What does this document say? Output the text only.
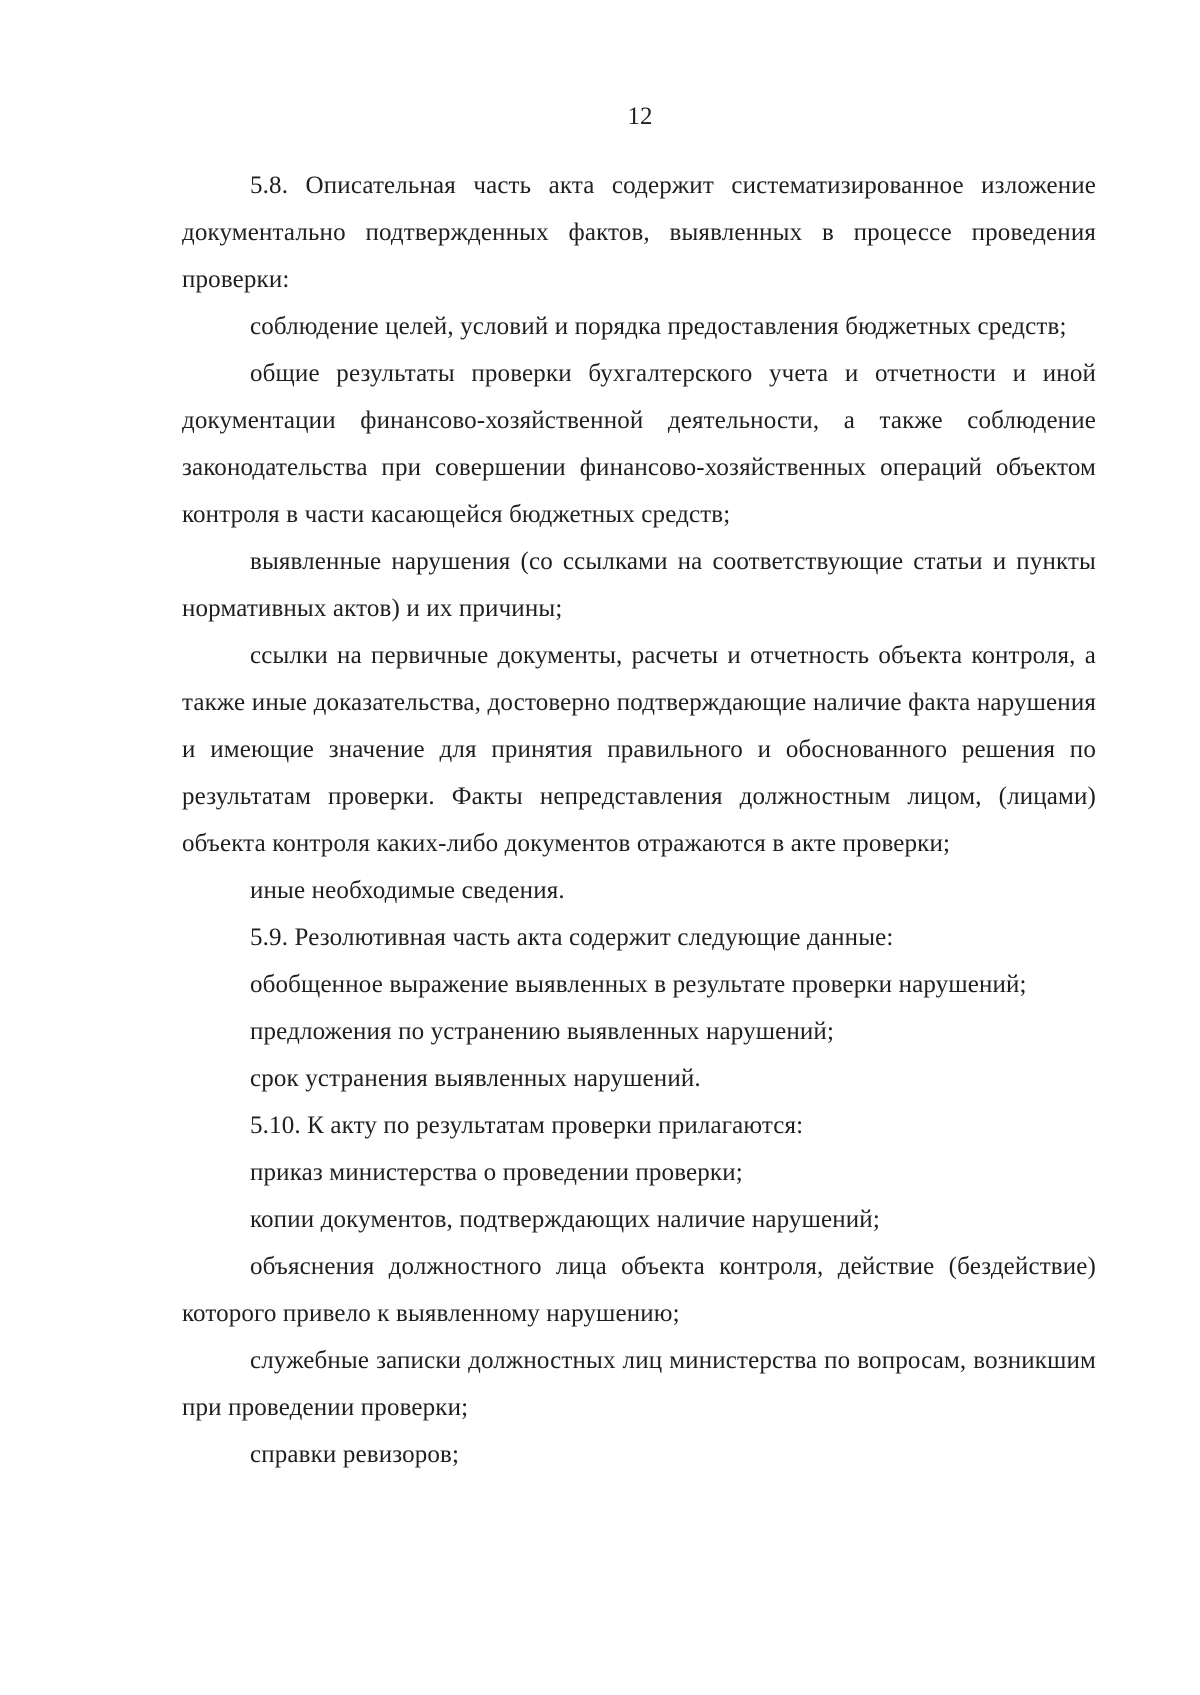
12

5.8. Описательная часть акта содержит систематизированное изложение документально подтвержденных фактов, выявленных в процессе проведения проверки:

соблюдение целей, условий и порядка предоставления бюджетных средств;

общие результаты проверки бухгалтерского учета и отчетности и иной документации финансово-хозяйственной деятельности, а также соблюдение законодательства при совершении финансово-хозяйственных операций объектом контроля в части касающейся бюджетных средств;

выявленные нарушения (со ссылками на соответствующие статьи и пункты нормативных актов) и их причины;

ссылки на первичные документы, расчеты и отчетность объекта контроля, а также иные доказательства, достоверно подтверждающие наличие факта нарушения и имеющие значение для принятия правильного и обоснованного решения по результатам проверки. Факты непредставления должностным лицом, (лицами) объекта контроля каких-либо документов отражаются в акте проверки;

иные необходимые сведения.

5.9. Резолютивная часть акта содержит следующие данные:

обобщенное выражение выявленных в результате проверки нарушений;

предложения по устранению выявленных нарушений;

срок устранения выявленных нарушений.

5.10. К акту по результатам проверки прилагаются:

приказ министерства о проведении проверки;

копии документов, подтверждающих наличие нарушений;

объяснения должностного лица объекта контроля, действие (бездействие) которого привело к выявленному нарушению;

служебные записки должностных лиц министерства по вопросам, возникшим при проведении проверки;

справки ревизоров;
